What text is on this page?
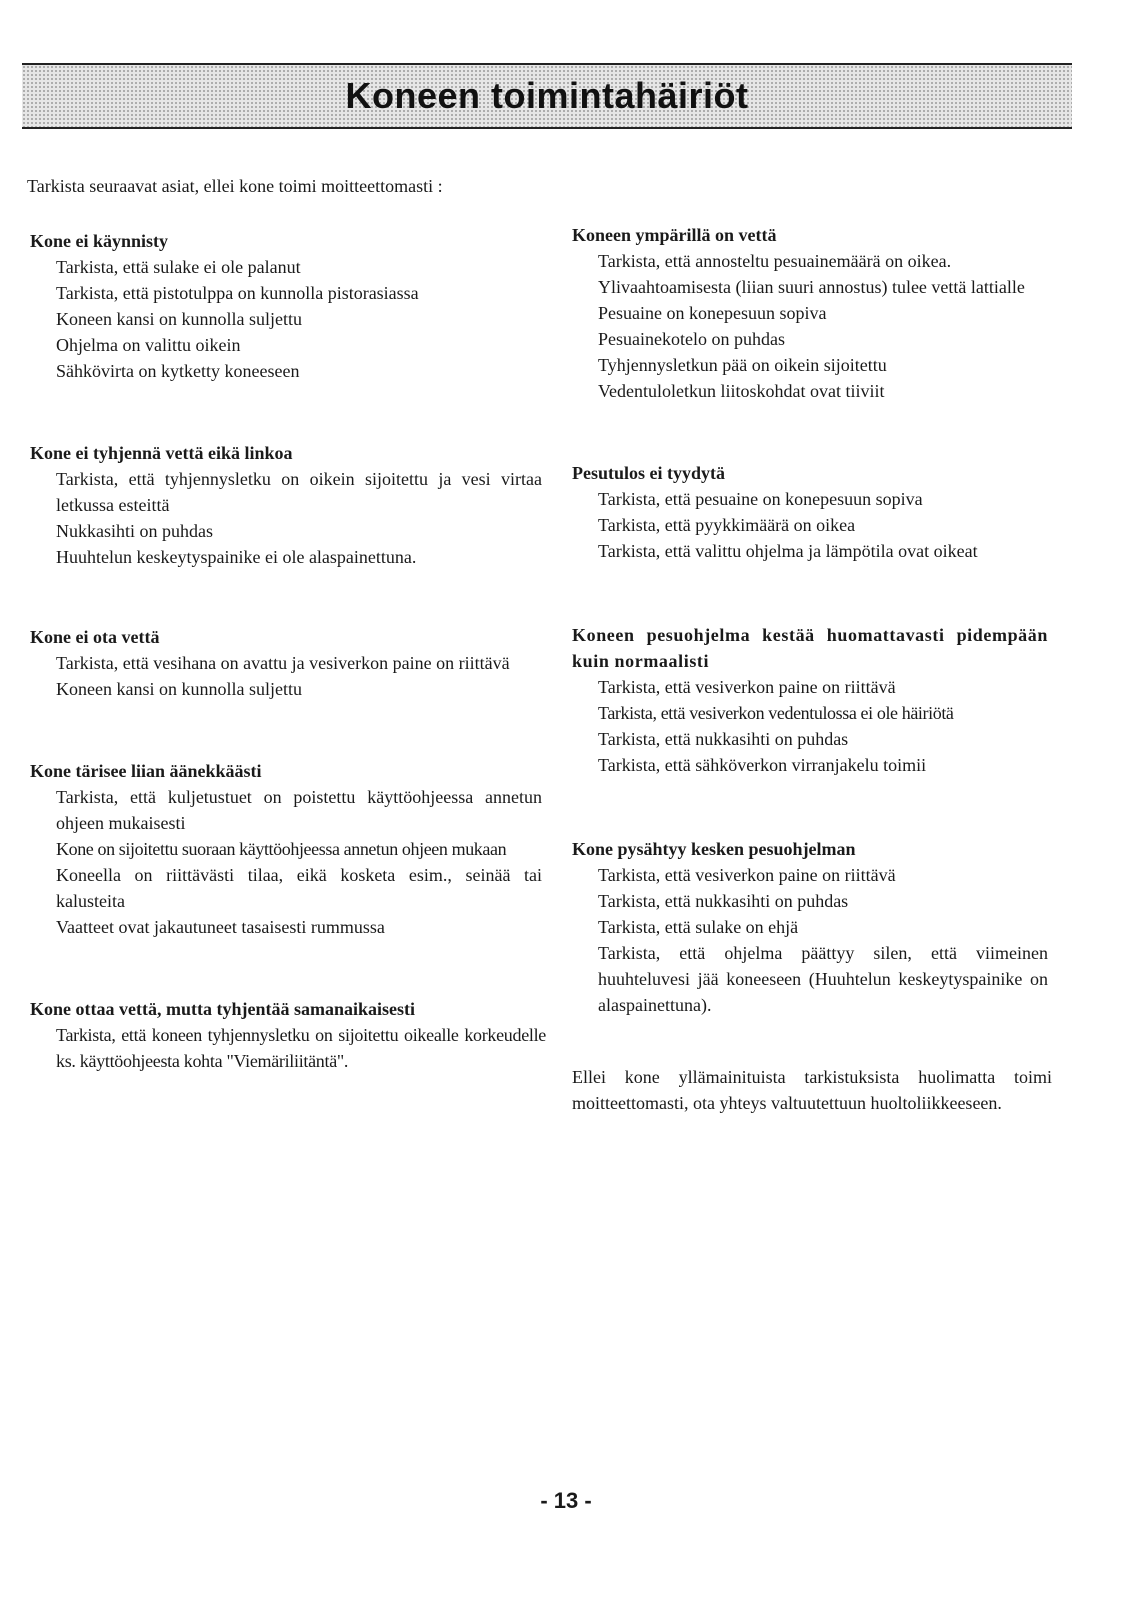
Koneen toimintahäiriöt
Tarkista seuraavat asiat, ellei kone toimi moitteettomasti :
Kone ei käynnisty
Tarkista, että sulake ei ole palanut
Tarkista, että pistotulppa on kunnolla pistorasiassa
Koneen kansi on kunnolla suljettu
Ohjelma on valittu oikein
Sähkövirta on kytketty koneeseen
Kone ei tyhjennä vettä eikä linkoa
Tarkista, että tyhjennysletku on oikein sijoitettu ja vesi virtaa letkussa esteittä
Nukkasihti on puhdas
Huuhtelun keskeytyspainike ei ole alaspainettuna.
Kone ei ota vettä
Tarkista, että vesihana on avattu ja vesiverkon paine on riittävä
Koneen kansi on kunnolla suljettu
Kone tärisee liian äänekkäästi
Tarkista, että kuljetustuet on poistettu käyttöohjeessa annetun ohjeen mukaisesti
Kone on sijoitettu suoraan käyttöohjeessa annetun ohjeen mukaan
Koneella on riittävästi tilaa, eikä kosketa esim., seinää tai kalusteita
Vaatteet ovat jakautuneet tasaisesti rummussa
Kone ottaa vettä, mutta tyhjentää samanaikaisesti
Tarkista, että koneen tyhjennysletku on sijoitettu oikealle korkeudelle ks. käyttöohjeesta kohta "Viemäriliitäntä".
Koneen ympärillä on vettä
Tarkista, että annosteltu pesuainemäärä on oikea.
Ylivaahtoamisesta (liian suuri annostus) tulee vettä lattialle
Pesuaine on konepesuun sopiva
Pesuainekotelo on puhdas
Tyhjennysletkun pää on oikein sijoitettu
Vedentuloletkun liitoskohdat ovat tiiviit
Pesutulos ei tyydytä
Tarkista, että pesuaine on konepesuun sopiva
Tarkista, että pyykkimäärä on oikea
Tarkista, että valittu ohjelma ja lämpötila ovat oikeat
Koneen pesuohjelma kestää huomattavasti pidempään kuin normaalisti
Tarkista, että vesiverkon paine on riittävä
Tarkista, että vesiverkon vedentulossa ei ole häiriötä
Tarkista, että nukkasihti on puhdas
Tarkista, että sähköverkon virranjakelu toimii
Kone pysähtyy kesken pesuohjelman
Tarkista, että vesiverkon paine on riittävä
Tarkista, että nukkasihti on puhdas
Tarkista, että sulake on ehjä
Tarkista, että ohjelma päättyy silen, että viimeinen huuhteluvesi jää koneeseen (Huuhtelun keskeytyspainike on alaspainettuna).
Ellei kone yllämainituista tarkistuksista huolimatta toimi moitteettomasti, ota yhteys valtuutettuun huoltoliikkeeseen.
- 13 -
